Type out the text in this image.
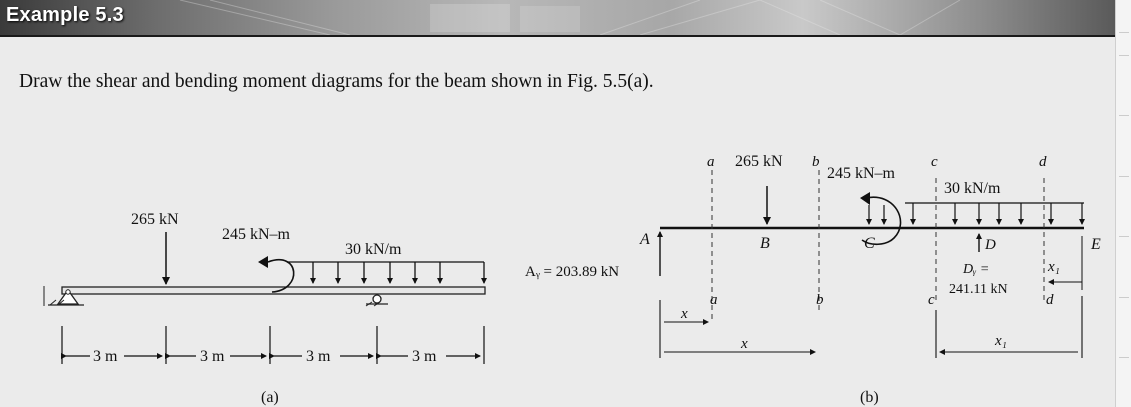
Example 5.3
Draw the shear and bending moment diagrams for the beam shown in Fig. 5.5(a).
265 kN
245 kN–m
30 kN/m
3 m	3 m	3 m	3 m
(a)
a	b	c	d
a	b	c	d
A
Aᵧ = 203.89 kN
265 kN
B
245 kN–m
C
30 kN/m
D
Dᵧ =
241.11 kN
E
x₁
x
x	x₁
(b)
